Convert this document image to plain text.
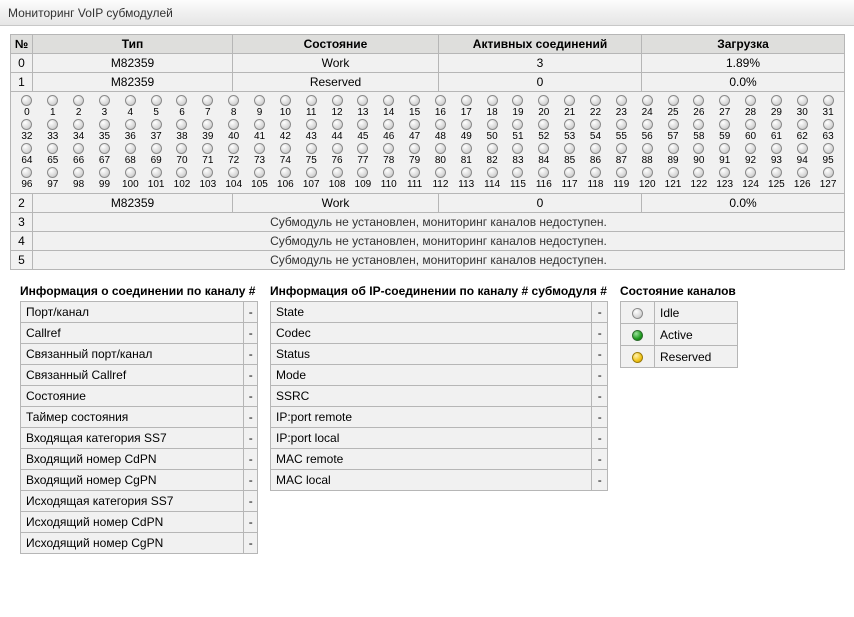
Мониторинг VoIP субмодулей
№	Тип	Состояние	Активных соединений	Загрузка
0	M82359	Work	3	1.89%
1	M82359	Reserved	0	0.0%

0 1 2 3 4 5 6 7 8 9 10 11 12 13 14 15 16 17 18 19 20 21 22 23 24 25 26 27 28 29 30 31
32 33 34 35 36 37 38 39 40 41 42 43 44 45 46 47 48 49 50 51 52 53 54 55 56 57 58 59 60 61 62 63
64 65 66 67 68 69 70 71 72 73 74 75 76 77 78 79 80 81 82 83 84 85 86 87 88 89 90 91 92 93 94 95
96 97 98 99 100 101 102 103 104 105 106 107 108 109 110 111 112 113 114 115 116 117 118 119 120 121 122 123 124 125 126 127

2	M82359	Work	0	0.0%
3	Субмодуль не установлен, мониторинг каналов недоступен.			
4	Субмодуль не установлен, мониторинг каналов недоступен.			
5	Субмодуль не установлен, мониторинг каналов недоступен.			
Информация о соединении по каналу #
Порт/канал	-
Callref	-
Связанный порт/канал	-
Связанный Callref	-
Состояние	-
Таймер состояния	-
Входящая категория SS7	-
Входящий номер CdPN	-
Входящий номер CgPN	-
Исходящая категория SS7	-
Исходящий номер CdPN	-
Исходящий номер CgPN	-
Информация об IP-соединении по каналу # субмодуля #
State	-
Codec	-
Status	-
Mode	-
SSRC	-
IP:port remote	-
IP:port local	-
MAC remote	-
MAC local	-
Состояние каналов
	Idle
	Active
	Reserved
